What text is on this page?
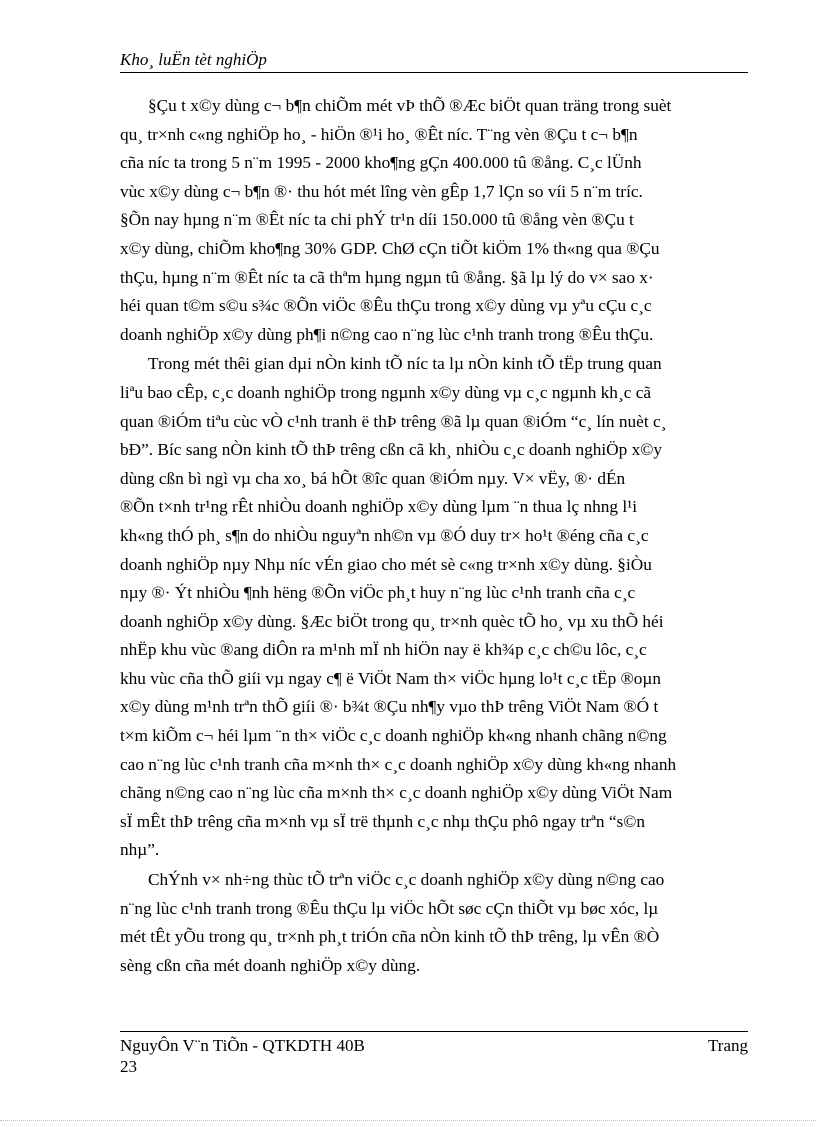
Kho¸ luËn tèt nghiÖp
§Çu t x©y dùng c¬ b¶n chiÕm mét vÞ thÕ ®Æc biÖt quan träng trong suèt
qu¸ tr×nh c«ng nghiÖp ho¸ - hiÖn ®¹i ho¸ ®Êt níc. T¨ng vèn ®Çu t c¬ b¶n
cña níc ta trong 5 n¨m 1995 - 2000 kho¶ng gÇn 400.000 tû ®ång. C¸c lÜnh
vùc x©y dùng c¬ b¶n ®· thu hót mét lîng vèn gÊp 1,7 lÇn so víi 5 n¨m tríc.
§Õn nay hµng n¨m ®Êt níc ta chi phÝ tr¹n díi 150.000 tû ®ång vèn ®Çu t
x©y dùng, chiÕm kho¶ng 30% GDP. ChØ cÇn tiÕt kiÖm 1% th«ng qua ®Çu
thÇu, hµng n¨m ®Êt níc ta cã thªm hµng ngµn tû ®ång. §ã lµ lý do v× sao x·
héi quan t©m s©u s¾c ®Õn viÖc ®Êu thÇu trong x©y dùng vµ yªu cÇu c¸c
doanh nghiÖp x©y dùng ph¶i n©ng cao n¨ng lùc c¹nh tranh trong ®Êu thÇu.
Trong mét thêi gian dµi nÒn kinh tÕ níc ta lµ nÒn kinh tÕ tËp trung quan
liªu bao cÊp, c¸c doanh nghiÖp trong ngµnh x©y dùng vµ c¸c ngµnh kh¸c cã
quan ®iÓm tiªu cùc vÒ c¹nh tranh ë thÞ trêng ®ã lµ quan ®iÓm “c¸ lín nuèt c¸
bÐ”. Bíc sang nÒn kinh tÕ thÞ trêng cßn cã kh¸ nhiÒu c¸c doanh nghiÖp x©y
dùng cßn bì ngì vµ cha xo¸ bá hÕt ®îc quan ®iÓm nµy. V× vËy, ®· dÉn
®Õn t×nh tr¹ng rÊt nhiÒu doanh nghiÖp x©y dùng lµm ¨n thua lç nhng l¹i
kh«ng thÓ ph¸ s¶n do nhiÒu nguyªn nh©n vµ ®Ó duy tr× ho¹t ®éng cña c¸c
doanh nghiÖp nµy Nhµ níc vÉn giao cho mét sè c«ng tr×nh x©y dùng. §iÒu
nµy ®· Ýt nhiÒu ¶nh hëng ®Õn viÖc ph¸t huy n¨ng lùc c¹nh tranh cña c¸c
doanh nghiÖp x©y dùng. §Æc biÖt trong qu¸ tr×nh quèc tÕ ho¸ vµ xu thÕ héi
nhËp khu vùc ®ang diÔn ra m¹nh mÏ nh hiÖn nay ë kh¾p c¸c ch©u lôc, c¸c
khu vùc cña thÕ giíi vµ ngay c¶ ë ViÖt Nam th× viÖc hµng lo¹t c¸c tËp ®oµn
x©y dùng m¹nh trªn thÕ giíi ®· b¾t ®Çu nh¶y vµo thÞ trêng ViÖt Nam ®Ó t
t×m kiÕm c¬ héi lµm ¨n th× viÖc c¸c doanh nghiÖp kh«ng nhanh chãng n©ng
cao n¨ng lùc c¹nh tranh cña m×nh th× c¸c doanh nghiÖp x©y dùng kh«ng nhanh
chãng n©ng cao n¨ng lùc cña m×nh th× c¸c doanh nghiÖp x©y dùng ViÖt Nam
sÏ mÊt thÞ trêng cña m×nh vµ sÏ trë thµnh c¸c nhµ thÇu phô ngay trªn “s©n
nhµ”.
ChÝnh v× nh÷ng thùc tÕ trªn viÖc c¸c doanh nghiÖp x©y dùng n©ng cao
n¨ng lùc c¹nh tranh trong ®Êu thÇu lµ viÖc hÕt søc cÇn thiÕt vµ bøc xóc, lµ
mét tÊt yÕu trong qu¸ tr×nh ph¸t triÓn cña nÒn kinh tÕ thÞ trêng, lµ vÊn ®Ò
sèng cßn cña mét doanh nghiÖp x©y dùng.
NguyÔn V¨n TiÕn - QTKDTH 40B	Trang
23
